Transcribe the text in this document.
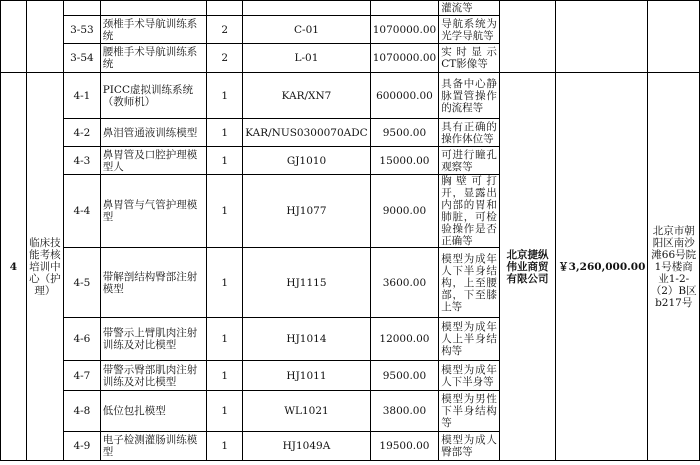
							灌流等			
		3-53	颈椎手术导航训练系统	2	C-01	1070000.00	导航系统为光学导航等			
		3-54	腰椎手术导航训练系统	2	L-01	1070000.00	实时显示CT影像等			
4	临床技能考核培训中心（护理）	4-1	PICC虚拟训练系统（教师机）	1	KAR/XN7	600000.00	具备中心静脉置管操作的流程等	北京捷纵伟业商贸有限公司	￥3,260,000.00	北京市朝阳区南沙滩66号院1号楼商业1-2-（2）B区b217号
		4-2	鼻泪管通液训练模型	1	KAR/NUS0300070ADC	9500.00	具有正确的操作体位等			
		4-3	鼻胃管及口腔护理模型人	1	GJ1010	15000.00	可进行瞳孔观察等			
		4-4	鼻胃管与气管护理模型	1	HJ1077	9000.00	胸壁可打开，显露出内部的胃和肺脏，可检验操作是否正确等			
		4-5	带解剖结构臀部注射模型	1	HJ1115	3600.00	模型为成年人下半身结构，上至腰部，下至膝上等			
		4-6	带警示上臂肌肉注射训练及对比模型	1	HJ1014	12000.00	模型为成年人上半身结构等			
		4-7	带警示臀部肌肉注射训练及对比模型	1	HJ1011	9500.00	模型为成年人下半身等			
		4-8	低位包扎模型	1	WL1021	3800.00	模型为男性下半身结构等			
		4-9	电子检测灌肠训练模型	1	HJ1049A	19500.00	模型为成人臀部等			
